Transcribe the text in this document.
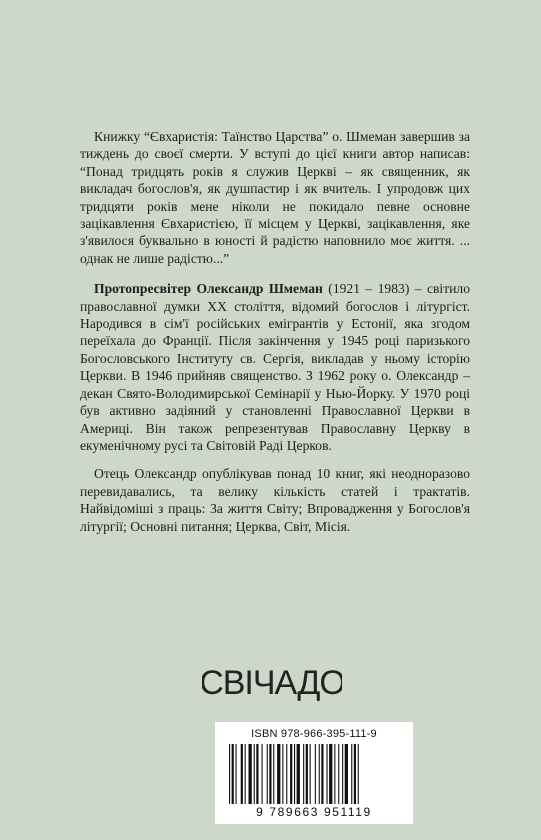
Книжку “Євхаристія: Таїнство Царства” о. Шмеман завершив за тиждень до своєї смерти. У вступі до цієї книги автор написав: “Понад тридцять років я служив Церкві – як священник, як викладач богослов'я, як душпастир і як вчитель. І упродовж цих тридцяти років мене ніколи не покидало певне основне зацікавлення Євхаристією, її місцем у Церкві, зацікавлення, яке з'явилося буквально в юності й радістю наповнило моє життя. ... однак не лише радістю...”

Протопресвітер Олександр Шмеман (1921 – 1983) – світило православної думки ХХ століття, відомий богослов і літургіст. Народився в сім'ї російських емігрантів у Естонії, яка згодом переїхала до Франції. Після закінчення у 1945 році паризького Богословського Інституту св. Сергія, викладав у ньому історію Церкви. В 1946 прийняв священство. З 1962 року о. Олександр – декан Свято-Володимирської Семінарії у Нью-Йорку. У 1970 році був активно задіяний у становленні Православної Церкви в Америці. Він також репрезентував Православну Церкву в екуменічному русі та Світовій Раді Церков.

Отець Олександр опублікував понад 10 книг, які неодноразово перевидавались, та велику кількість статей і трактатів. Найвідоміші з праць: За життя Світу; Впровадження у Богослов'я літургії; Основні питання; Церква, Світ, Місія.

СВІЧАДО
ISBN 978-966-395-111-9
9 789663 951119
